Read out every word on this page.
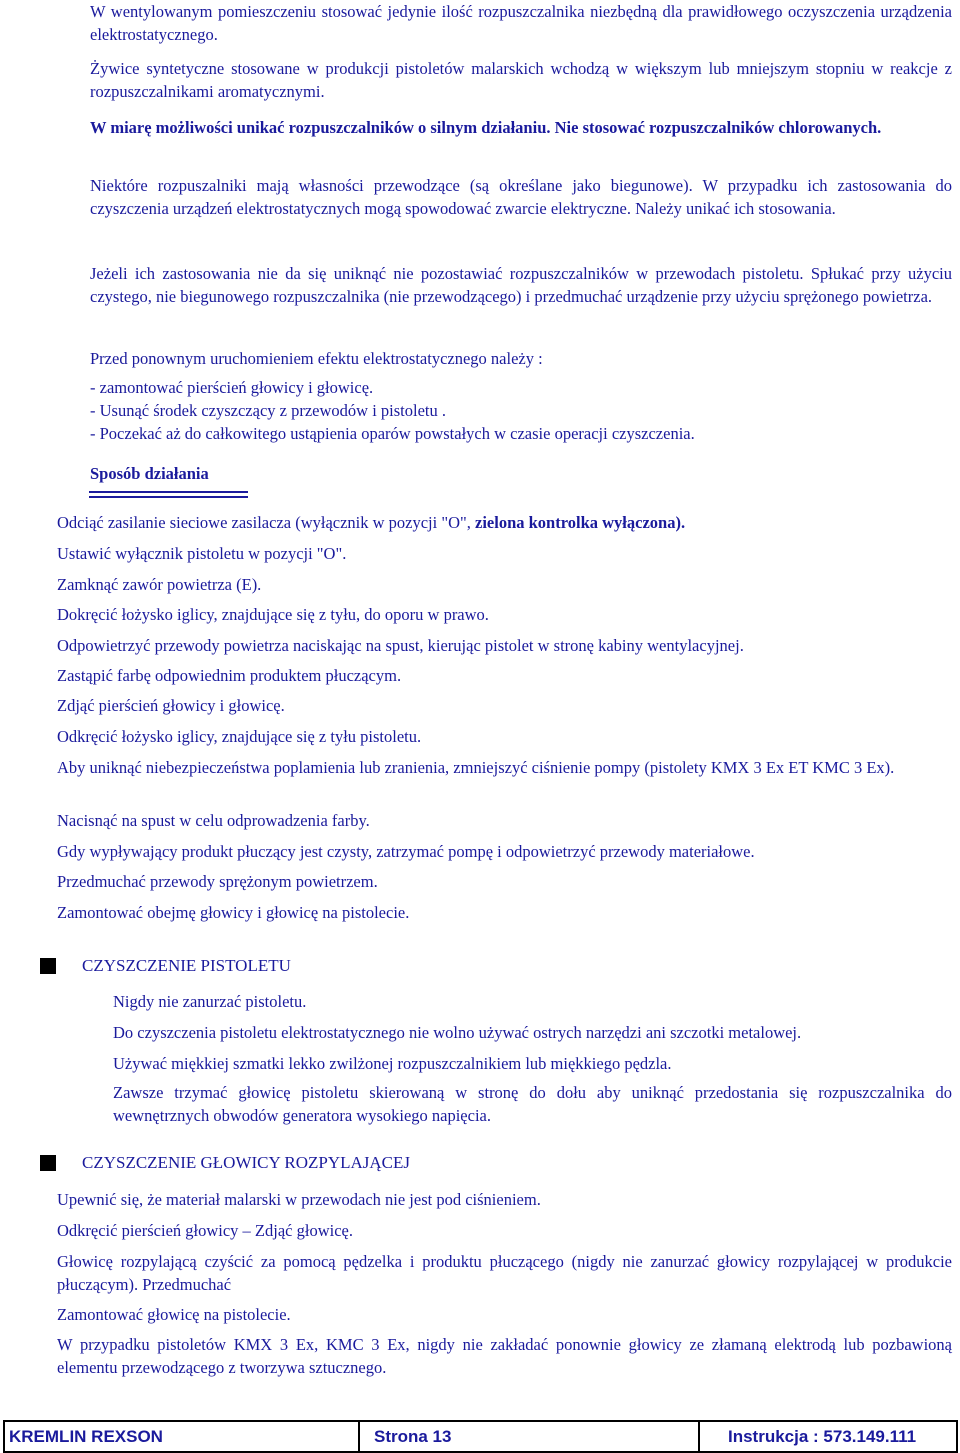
W wentylowanym pomieszczeniu stosować jedynie ilość rozpuszczalnika niezbędną dla prawidłowego oczyszczenia urządzenia elektrostatycznego.
Żywice syntetyczne stosowane w produkcji pistoletów malarskich wchodzą w większym lub mniejszym stopniu w reakcje z rozpuszczalnikami aromatycznymi.
W miarę możliwości unikać rozpuszczalników o silnym działaniu. Nie stosować rozpuszczalników chlorowanych.
Niektóre rozpuszalniki mają własności przewodzące (są określane jako biegunowe). W przypadku ich zastosowania do czyszczenia urządzeń elektrostatycznych mogą spowodować zwarcie elektryczne. Należy unikać ich stosowania.
Jeżeli ich zastosowania nie da się uniknąć nie pozostawiać rozpuszczalników w przewodach pistoletu. Spłukać przy użyciu czystego, nie biegunowego rozpuszczalnika (nie przewodzącego) i przedmuchać urządzenie przy użyciu sprężonego powietrza.
Przed ponownym uruchomieniem efektu elektrostatycznego należy :
- zamontować pierścień głowicy i głowicę.
- Usunąć środek czyszczący z przewodów i pistoletu .
- Poczekać aż do całkowitego ustąpienia oparów powstałych w czasie operacji czyszczenia.
Sposób działania
Odciąć zasilanie sieciowe zasilacza (wyłącznik w pozycji "O", zielona kontrolka wyłączona).
Ustawić wyłącznik pistoletu w pozycji "O".
Zamknąć zawór powietrza (E).
Dokręcić łożysko iglicy, znajdujące się z tyłu, do oporu w prawo.
Odpowietrzyć przewody powietrza naciskając na spust, kierując pistolet w stronę kabiny wentylacyjnej.
Zastąpić farbę odpowiednim produktem płuczącym.
Zdjąć pierścień głowicy i głowicę.
Odkręcić łożysko iglicy, znajdujące się z tyłu pistoletu.
Aby uniknąć niebezpieczeństwa poplamienia lub zranienia, zmniejszyć ciśnienie pompy (pistolety KMX 3 Ex ET KMC 3 Ex).
Nacisnąć na spust w celu odprowadzenia farby.
Gdy wypływający produkt płuczący jest czysty, zatrzymać pompę i odpowietrzyć przewody materiałowe.
Przedmuchać przewody sprężonym powietrzem.
Zamontować obejmę głowicy i głowicę na pistolecie.
CZYSZCZENIE PISTOLETU
Nigdy nie zanurzać pistoletu.
Do czyszczenia pistoletu elektrostatycznego nie wolno używać ostrych narzędzi ani szczotki metalowej.
Używać miękkiej szmatki lekko zwilżonej rozpuszczalnikiem lub miękkiego pędzla.
Zawsze trzymać głowicę pistoletu skierowaną w stronę do dołu aby uniknąć przedostania się rozpuszczalnika do wewnętrznych obwodów generatora wysokiego napięcia.
CZYSZCZENIE GŁOWICY ROZPYLAJĄCEJ
Upewnić się, że materiał malarski w przewodach nie jest pod ciśnieniem.
Odkręcić pierścień głowicy – Zdjąć głowicę.
Głowicę rozpylającą czyścić za pomocą pędzelka i produktu płuczącego (nigdy nie zanurzać głowicy rozpylającej w produkcie płuczącym). Przedmuchać
Zamontować głowicę na pistolecie.
W przypadku pistoletów KMX 3 Ex, KMC 3 Ex, nigdy nie zakładać ponownie głowicy ze złamaną elektrodą lub pozbawioną elementu przewodzącego z tworzywa sztucznego.
KREMLIN REXSON	Strona 13	Instrukcja : 573.149.111
